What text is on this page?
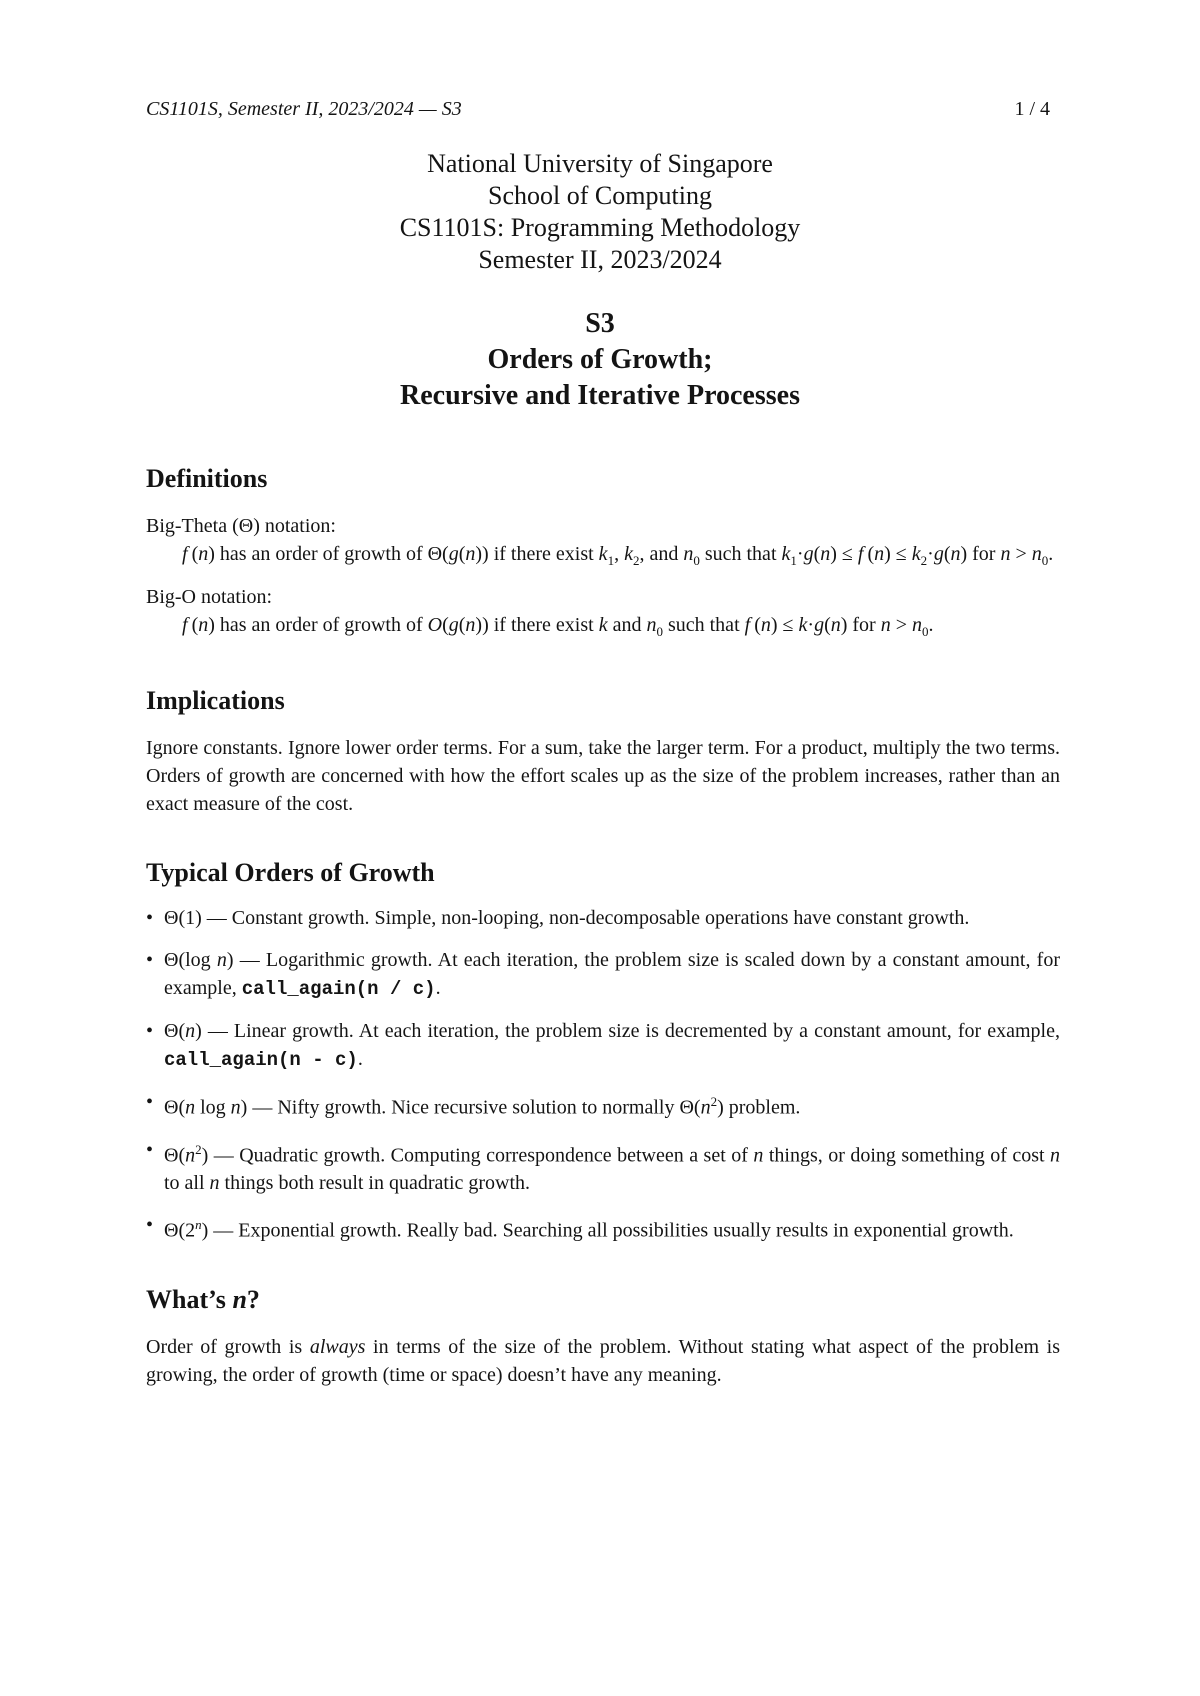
CS1101S, Semester II, 2023/2024 — S3	1 / 4
National University of Singapore
School of Computing
CS1101S: Programming Methodology
Semester II, 2023/2024
S3
Orders of Growth;
Recursive and Iterative Processes
Definitions

Big-Theta (Θ) notation:

f (n) has an order of growth of Θ(g(n)) if there exist $k_1$, $k_2$, and $n_0$ such that $k_1\cdot g(n) \le f$ $(n) \le k_2\cdot g(n)$ for $n > n_0$.

Big-O notation:

f (n) has an order of growth of O(g(n)) if there exist k and $n_0$ such that f (n) ≤ k·g(n) for $n > n_0$.

Implications

Ignore constants. Ignore lower order terms. For a sum, take the larger term. For a product, multiply the two terms. Orders of growth are concerned with how the effort scales up as the size of the problem increases, rather than an exact measure of the cost.

Typical Orders of Growth
• Θ(1) — Constant growth. Simple, non-looping, non-decomposable operations have constant growth.
• Θ(log n) — Logarithmic growth. At each iteration, the problem size is scaled down by a constant amount, for example, call_again(n / c).
• Θ(n) — Linear growth. At each iteration, the problem size is decremented by a constant amount, for example, call_again(n - c).
• Θ(n log n) — Nifty growth. Nice recursive solution to normally $\Theta(n^2)$ problem.
• $\Theta(n^2)$ — Quadratic growth. Computing correspondence between a set of n things, or doing something of cost n to all n things both result in quadratic growth.
• Θ(2$^n$) — Exponential growth. Really bad. Searching all possibilities usually results in exponential growth.
What’s n?

Order of growth is always in terms of the size of the problem. Without stating what aspect of the problem is growing, the order of growth (time or space) doesn’t have any meaning.
